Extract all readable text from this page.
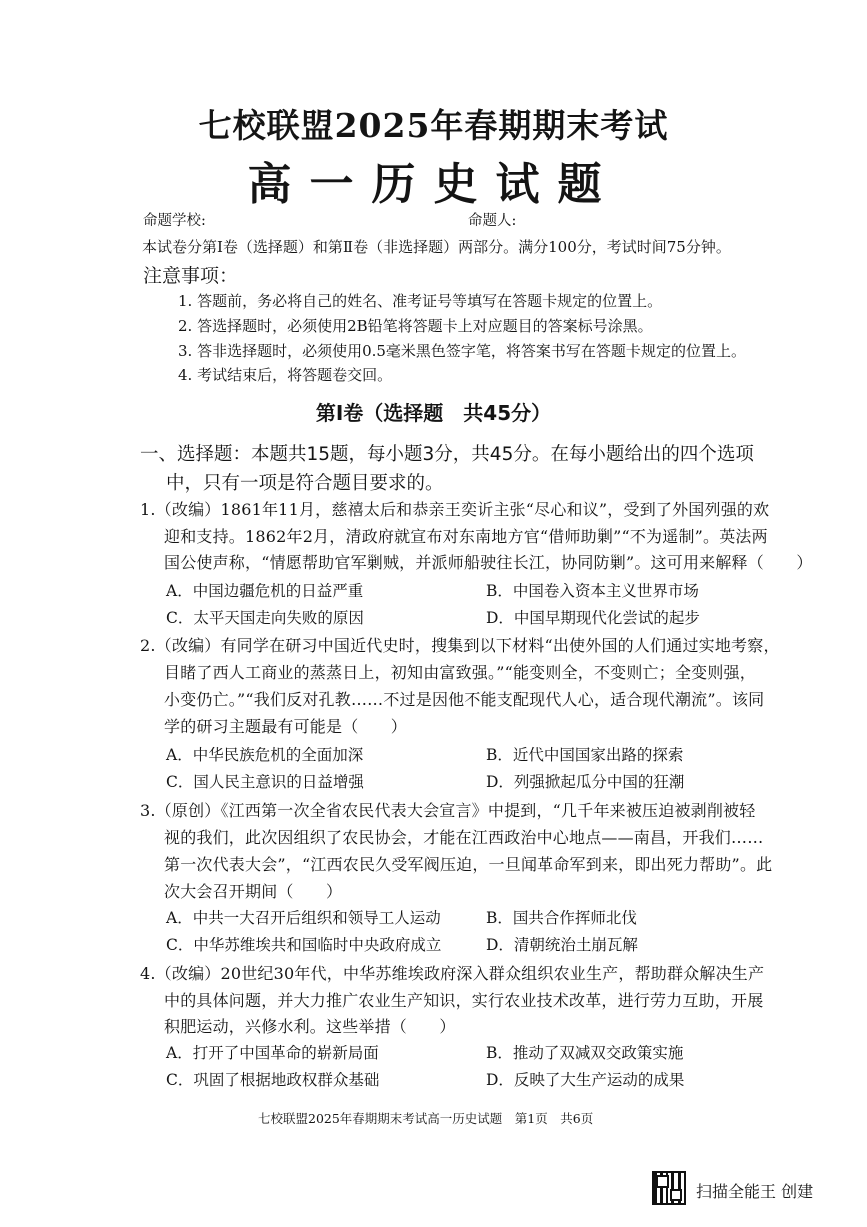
七校联盟2025年春期期末考试
高一历史试题
命题学校:	命题人:
本试卷分第Ⅰ卷（选择题）和第Ⅱ卷（非选择题）两部分。满分100分，考试时间75分钟。
注意事项：
1. 答题前，务必将自己的姓名、准考证号等填写在答题卡规定的位置上。
2. 答选择题时，必须使用2B铅笔将答题卡上对应题目的答案标号涂黑。
3. 答非选择题时，必须使用0.5毫米黑色签字笔，将答案书写在答题卡规定的位置上。
4. 考试结束后，将答题卷交回。
第Ⅰ卷（选择题　共45分）
一、选择题：本题共15题，每小题3分，共45分。在每小题给出的四个选项
中，只有一项是符合题目要求的。
1.（改编）1861年11月，慈禧太后和恭亲王奕䜣主张“尽心和议”，受到了外国列强的欢
迎和支持。1862年2月，清政府就宣布对东南地方官“借师助剿”“不为遥制”。英法两
国公使声称，“情愿帮助官军剿贼，并派师船驶往长江，协同防剿”。这可用来解释（　　）
A．中国边疆危机的日益严重	B．中国卷入资本主义世界市场
C．太平天国走向失败的原因	D．中国早期现代化尝试的起步
2.（改编）有同学在研习中国近代史时，搜集到以下材料“出使外国的人们通过实地考察，
目睹了西人工商业的蒸蒸日上，初知由富致强。”“能变则全，不变则亡；全变则强，
小变仍亡。”“我们反对孔教……不过是因他不能支配现代人心，适合现代潮流”。该同
学的研习主题最有可能是（　　）
A．中华民族危机的全面加深	B．近代中国国家出路的探索
C．国人民主意识的日益增强	D．列强掀起瓜分中国的狂潮
3.（原创）《江西第一次全省农民代表大会宣言》中提到，“几千年来被压迫被剥削被轻
视的我们，此次因组织了农民协会，才能在江西政治中心地点——南昌，开我们……
第一次代表大会”，“江西农民久受军阀压迫，一旦闻革命军到来，即出死力帮助”。此
次大会召开期间（　　）
A．中共一大召开后组织和领导工人运动	B．国共合作挥师北伐
C．中华苏维埃共和国临时中央政府成立	D．清朝统治土崩瓦解
4.（改编）20世纪30年代，中华苏维埃政府深入群众组织农业生产，帮助群众解决生产
中的具体问题，并大力推广农业生产知识，实行农业技术改革，进行劳力互助，开展
积肥运动，兴修水利。这些举措（　　）
A．打开了中国革命的崭新局面	B．推动了双减双交政策实施
C．巩固了根据地政权群众基础	D．反映了大生产运动的成果
七校联盟2025年春期期末考试高一历史试题　第1页　共6页
扫描全能王 创建
